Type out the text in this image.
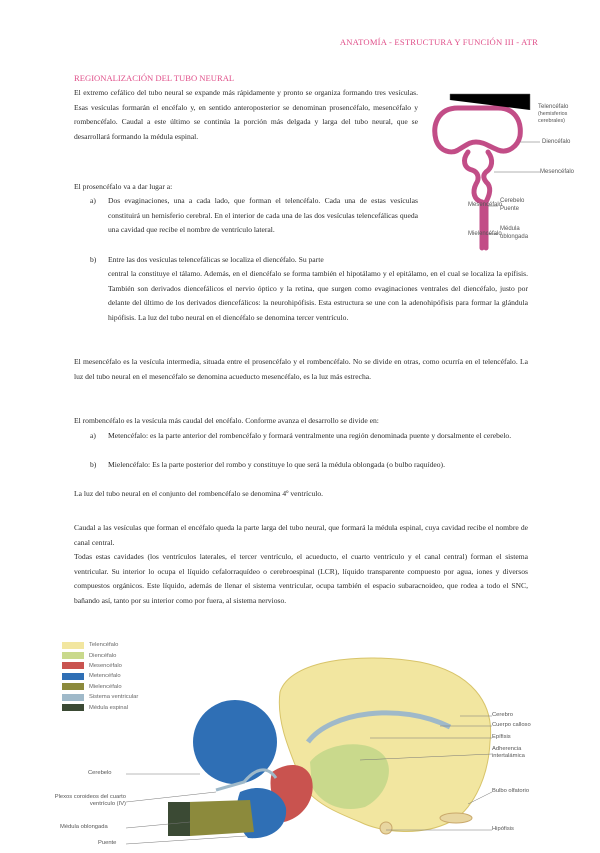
ANATOMÍA - ESTRUCTURA Y FUNCIÓN III - ATR
REGIONALIZACIÓN DEL TUBO NEURAL

El extremo cefálico del tubo neural se expande más rápidamente y pronto se organiza formando tres vesículas. Esas vesículas formarán el encéfalo y, en sentido anteroposterior se denominan prosencéfalo, mesencéfalo y rombencéfalo. Caudal a este último se continúa la porción más delgada y larga del tubo neural, que se desarrollará formando la médula espinal.

El prosencéfalo va a dar lugar a:

a) Dos evaginaciones, una a cada lado, que forman el telencéfalo. Cada una de estas vesículas constituirá un hemisferio cerebral. En el interior de cada una de las dos vesículas telencefálicas queda una cavidad que recibe el nombre de ventrículo lateral.
b) Entre las dos vesículas telencefálicas se localiza el diencéfalo. Su parte
central la constituye el tálamo. Además, en el diencéfalo se forma también el hipotálamo y el epitálamo, en el cual se localiza la epífisis. También son derivados diencefálicos el nervio óptico y la retina, que surgen como evaginaciones ventrales del diencéfalo, justo por delante del último de los derivados diencefálicos: la neurohipófisis. Esta estructura se une con la adenohipófisis para formar la glándula hipófisis. La luz del tubo neural en el diencéfalo se denomina tercer ventrículo.

El mesencéfalo es la vesícula intermedia, situada entre el prosencéfalo y el rombencéfalo. No se divide en otras, como ocurría en el telencéfalo. La luz del tubo neural en el mesencéfalo se denomina acueducto mesencéfalo, es la luz más estrecha.

El rombencéfalo es la vesícula más caudal del encéfalo. Conforme avanza el desarrollo se divide en:

a) Metencéfalo: es la parte anterior del rombencéfalo y formará ventralmente una región denominada puente y dorsalmente el cerebelo.
b) Mielencéfalo: Es la parte posterior del rombo y constituye lo que será la médula oblongada (o bulbo raquídeo).

La luz del tubo neural en el conjunto del rombencéfalo se denomina 4º ventrículo.

Caudal a las vesículas que forman el encéfalo queda la parte larga del tubo neural, que formará la médula espinal, cuya cavidad recibe el nombre de canal central.

Todas estas cavidades (los ventrículos laterales, el tercer ventrículo, el acueducto, el cuarto ventrículo y el canal central) forman el sistema ventricular. Su interior lo ocupa el líquido cefalorraquídeo o cerebroespinal (LCR), líquido transparente compuesto por agua, iones y diversos compuestos orgánicos. Este líquido, además de llenar el sistema ventricular, ocupa también el espacio subaracnoideo, que rodea a todo el SNC, bañando así, tanto por su interior como por fuera, al sistema nervioso.

Telencéfalo
(hemisferios cerebrales)
Diencéfalo
Mesencéfalo
Mesencéfalo
Cerebelo
Puente
Mielencéfalo
Médula
oblongada
Cerebro
Cuerpo calloso
Epífisis
Adherencia
intertalámica
Bulbo olfatorio
Hipófisis
Cerebelo
Plexos coroideos del cuarto
ventrículo (IV)
Médula oblongada
Puente
Telencéfalo
Diencéfalo
Mesencéfalo
Metencéfalo
Mielencéfalo
Sistema ventricular
Médula espinal
